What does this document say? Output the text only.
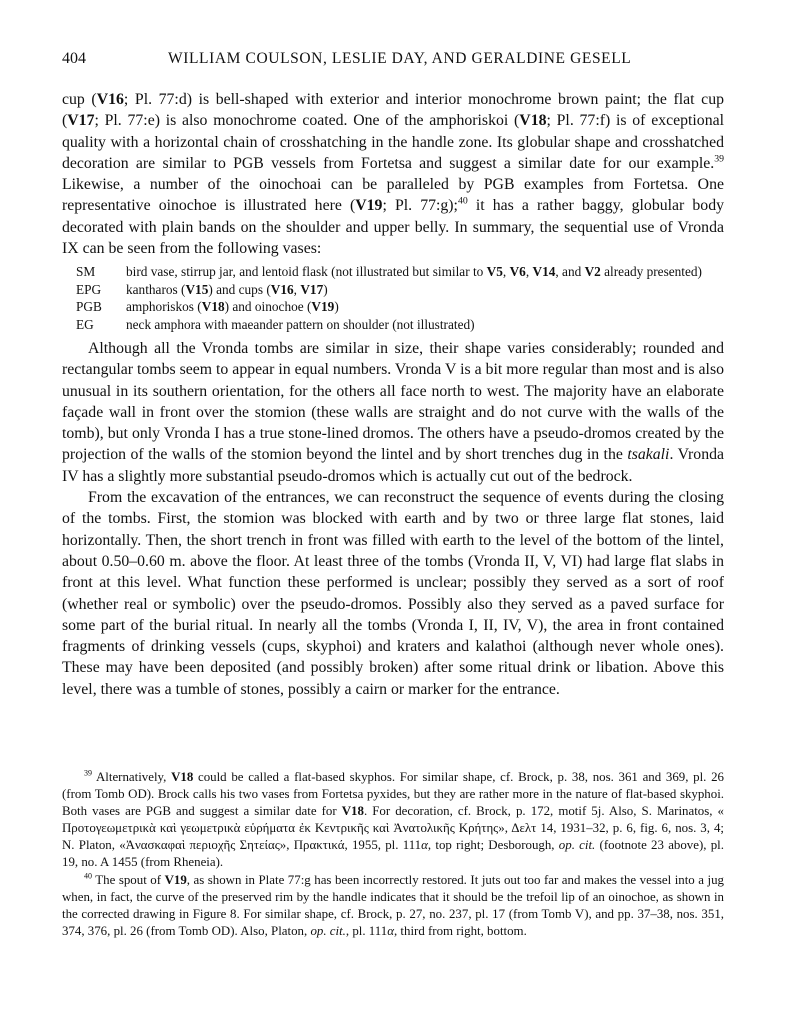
404	WILLIAM COULSON, LESLIE DAY, AND GERALDINE GESELL

cup (V16; Pl. 77:d) is bell-shaped with exterior and interior monochrome brown paint; the flat cup (V17; Pl. 77:e) is also monochrome coated. One of the amphoriskoi (V18; Pl. 77:f) is of exceptional quality with a horizontal chain of crosshatching in the handle zone. Its globular shape and crosshatched decoration are similar to PGB vessels from Fortetsa and suggest a similar date for our example.$^{39}$ Likewise, a number of the oinochoai can be paralleled by PGB examples from Fortetsa. One representative oinochoe is illustrated here (V19; Pl. 77:g);$^{40}$ it has a rather baggy, globular body decorated with plain bands on the shoulder and upper belly. In summary, the sequential use of Vronda IX can be seen from the following vases:

SM	bird vase, stirrup jar, and lentoid flask (not illustrated but similar to V5, V6, V14, and V2 already presented)
EPG	kantharos (V15) and cups (V16, V17)
PGB	amphoriskos (V18) and oinochoe (V19)
EG	neck amphora with maeander pattern on shoulder (not illustrated)

Although all the Vronda tombs are similar in size, their shape varies considerably; rounded and rectangular tombs seem to appear in equal numbers. Vronda V is a bit more regular than most and is also unusual in its southern orientation, for the others all face north to west. The majority have an elaborate façade wall in front over the stomion (these walls are straight and do not curve with the walls of the tomb), but only Vronda I has a true stone-lined dromos. The others have a pseudo-dromos created by the projection of the walls of the stomion beyond the lintel and by short trenches dug in the tsakali. Vronda IV has a slightly more substantial pseudo-dromos which is actually cut out of the bedrock.

From the excavation of the entrances, we can reconstruct the sequence of events during the closing of the tombs. First, the stomion was blocked with earth and by two or three large flat stones, laid horizontally. Then, the short trench in front was filled with earth to the level of the bottom of the lintel, about 0.50–0.60 m. above the floor. At least three of the tombs (Vronda II, V, VI) had large flat slabs in front at this level. What function these performed is unclear; possibly they served as a sort of roof (whether real or symbolic) over the pseudo-dromos. Possibly also they served as a paved surface for some part of the burial ritual. In nearly all the tombs (Vronda I, II, IV, V), the area in front contained fragments of drinking vessels (cups, skyphoi) and kraters and kalathoi (although never whole ones). These may have been deposited (and possibly broken) after some ritual drink or libation. Above this level, there was a tumble of stones, possibly a cairn or marker for the entrance.

$^{39}$ Alternatively, V18 could be called a flat-based skyphos. For similar shape, cf. Brock, p. 38, nos. 361 and 369, pl. 26 (from Tomb OD). Brock calls his two vases from Fortetsa pyxides, but they are rather more in the nature of flat-based skyphoi. Both vases are PGB and suggest a similar date for V18. For decoration, cf. Brock, p. 172, motif 5j. Also, S. Marinatos, « Προτογεωμετρικὰ καὶ γεωμετρικὰ εὑρήματα ἐκ Κεντρικῆς καὶ Ἀνατολικῆς Κρήτης», Δελτ 14, 1931–32, p. 6, fig. 6, nos. 3, 4; N. Platon, «Ἀνασκαφαὶ περιοχῆς Σητείας», Πρακτικά, 1955, pl. 111α, top right; Desborough, op. cit. (footnote 23 above), pl. 19, no. A 1455 (from Rheneia).

$^{40}$ The spout of V19, as shown in Plate 77:g has been incorrectly restored. It juts out too far and makes the vessel into a jug when, in fact, the curve of the preserved rim by the handle indicates that it should be the trefoil lip of an oinochoe, as shown in the corrected drawing in Figure 8. For similar shape, cf. Brock, p. 27, no. 237, pl. 17 (from Tomb V), and pp. 37–38, nos. 351, 374, 376, pl. 26 (from Tomb OD). Also, Platon, op. cit., pl. 111α, third from right, bottom.
